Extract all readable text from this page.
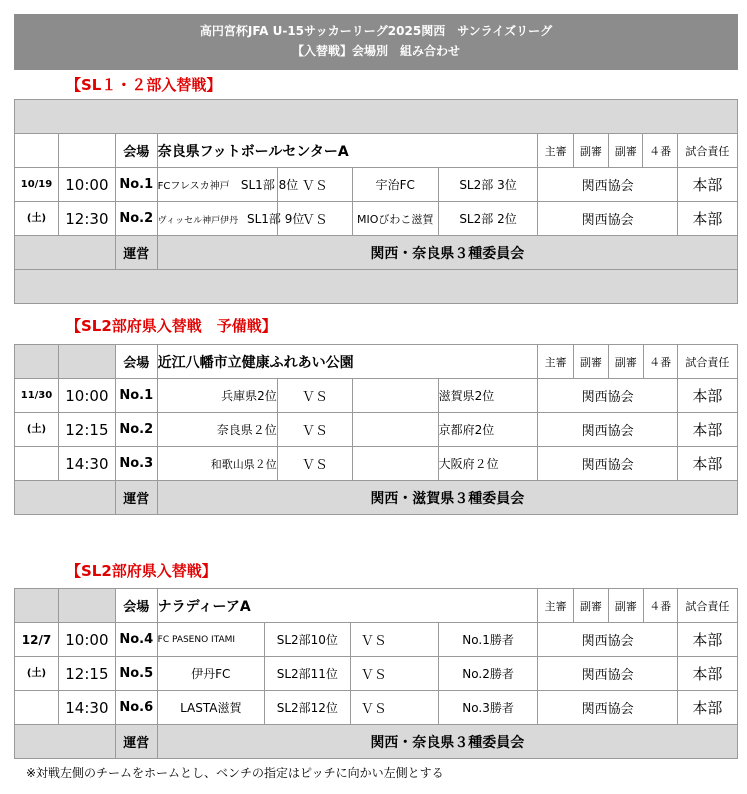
高円宮杯JFA U-15サッカーリーグ2025関西　サンライズリーグ
【入替戦】会場別　組み合わせ
【SL１・２部入替戦】

		会場	奈良県フットボールセンターA				主審	副審	副審	４番	試合責任
10/19	10:00	No.1	FCフレスカ神戸 SL1部 8位	ＶＳ	宇治FC	SL2部 3位	関西協会				本部
(土)	12:30	No.2	ヴィッセル神戸伊丹 SL1部 9位	ＶＳ	MIOびわこ滋賀	SL2部 2位	関西協会				本部
		運営	関西・奈良県３種委員会								

【SL2部府県入替戦　予備戦】
		会場	近江八幡市立健康ふれあい公園				主審	副審	副審	４番	試合責任
11/30	10:00	No.1	兵庫県2位	ＶＳ		滋賀県2位	関西協会				本部
(土)	12:15	No.2	奈良県２位	ＶＳ		京都府2位	関西協会				本部
	14:30	No.3	和歌山県２位	ＶＳ		大阪府２位	関西協会				本部
		運営	関西・滋賀県３種委員会								
【SL2部府県入替戦】
		会場	ナラディーアA				主審	副審	副審	４番	試合責任
12/7	10:00	No.4	FC PASENO ITAMI	SL2部10位	ＶＳ	No.1勝者	関西協会				本部
(土)	12:15	No.5	伊丹FC	SL2部11位	ＶＳ	No.2勝者	関西協会				本部
	14:30	No.6	LASTA滋賀	SL2部12位	ＶＳ	No.3勝者	関西協会				本部
		運営	関西・奈良県３種委員会								
※対戦左側のチームをホームとし、ベンチの指定はピッチに向かい左側とする
